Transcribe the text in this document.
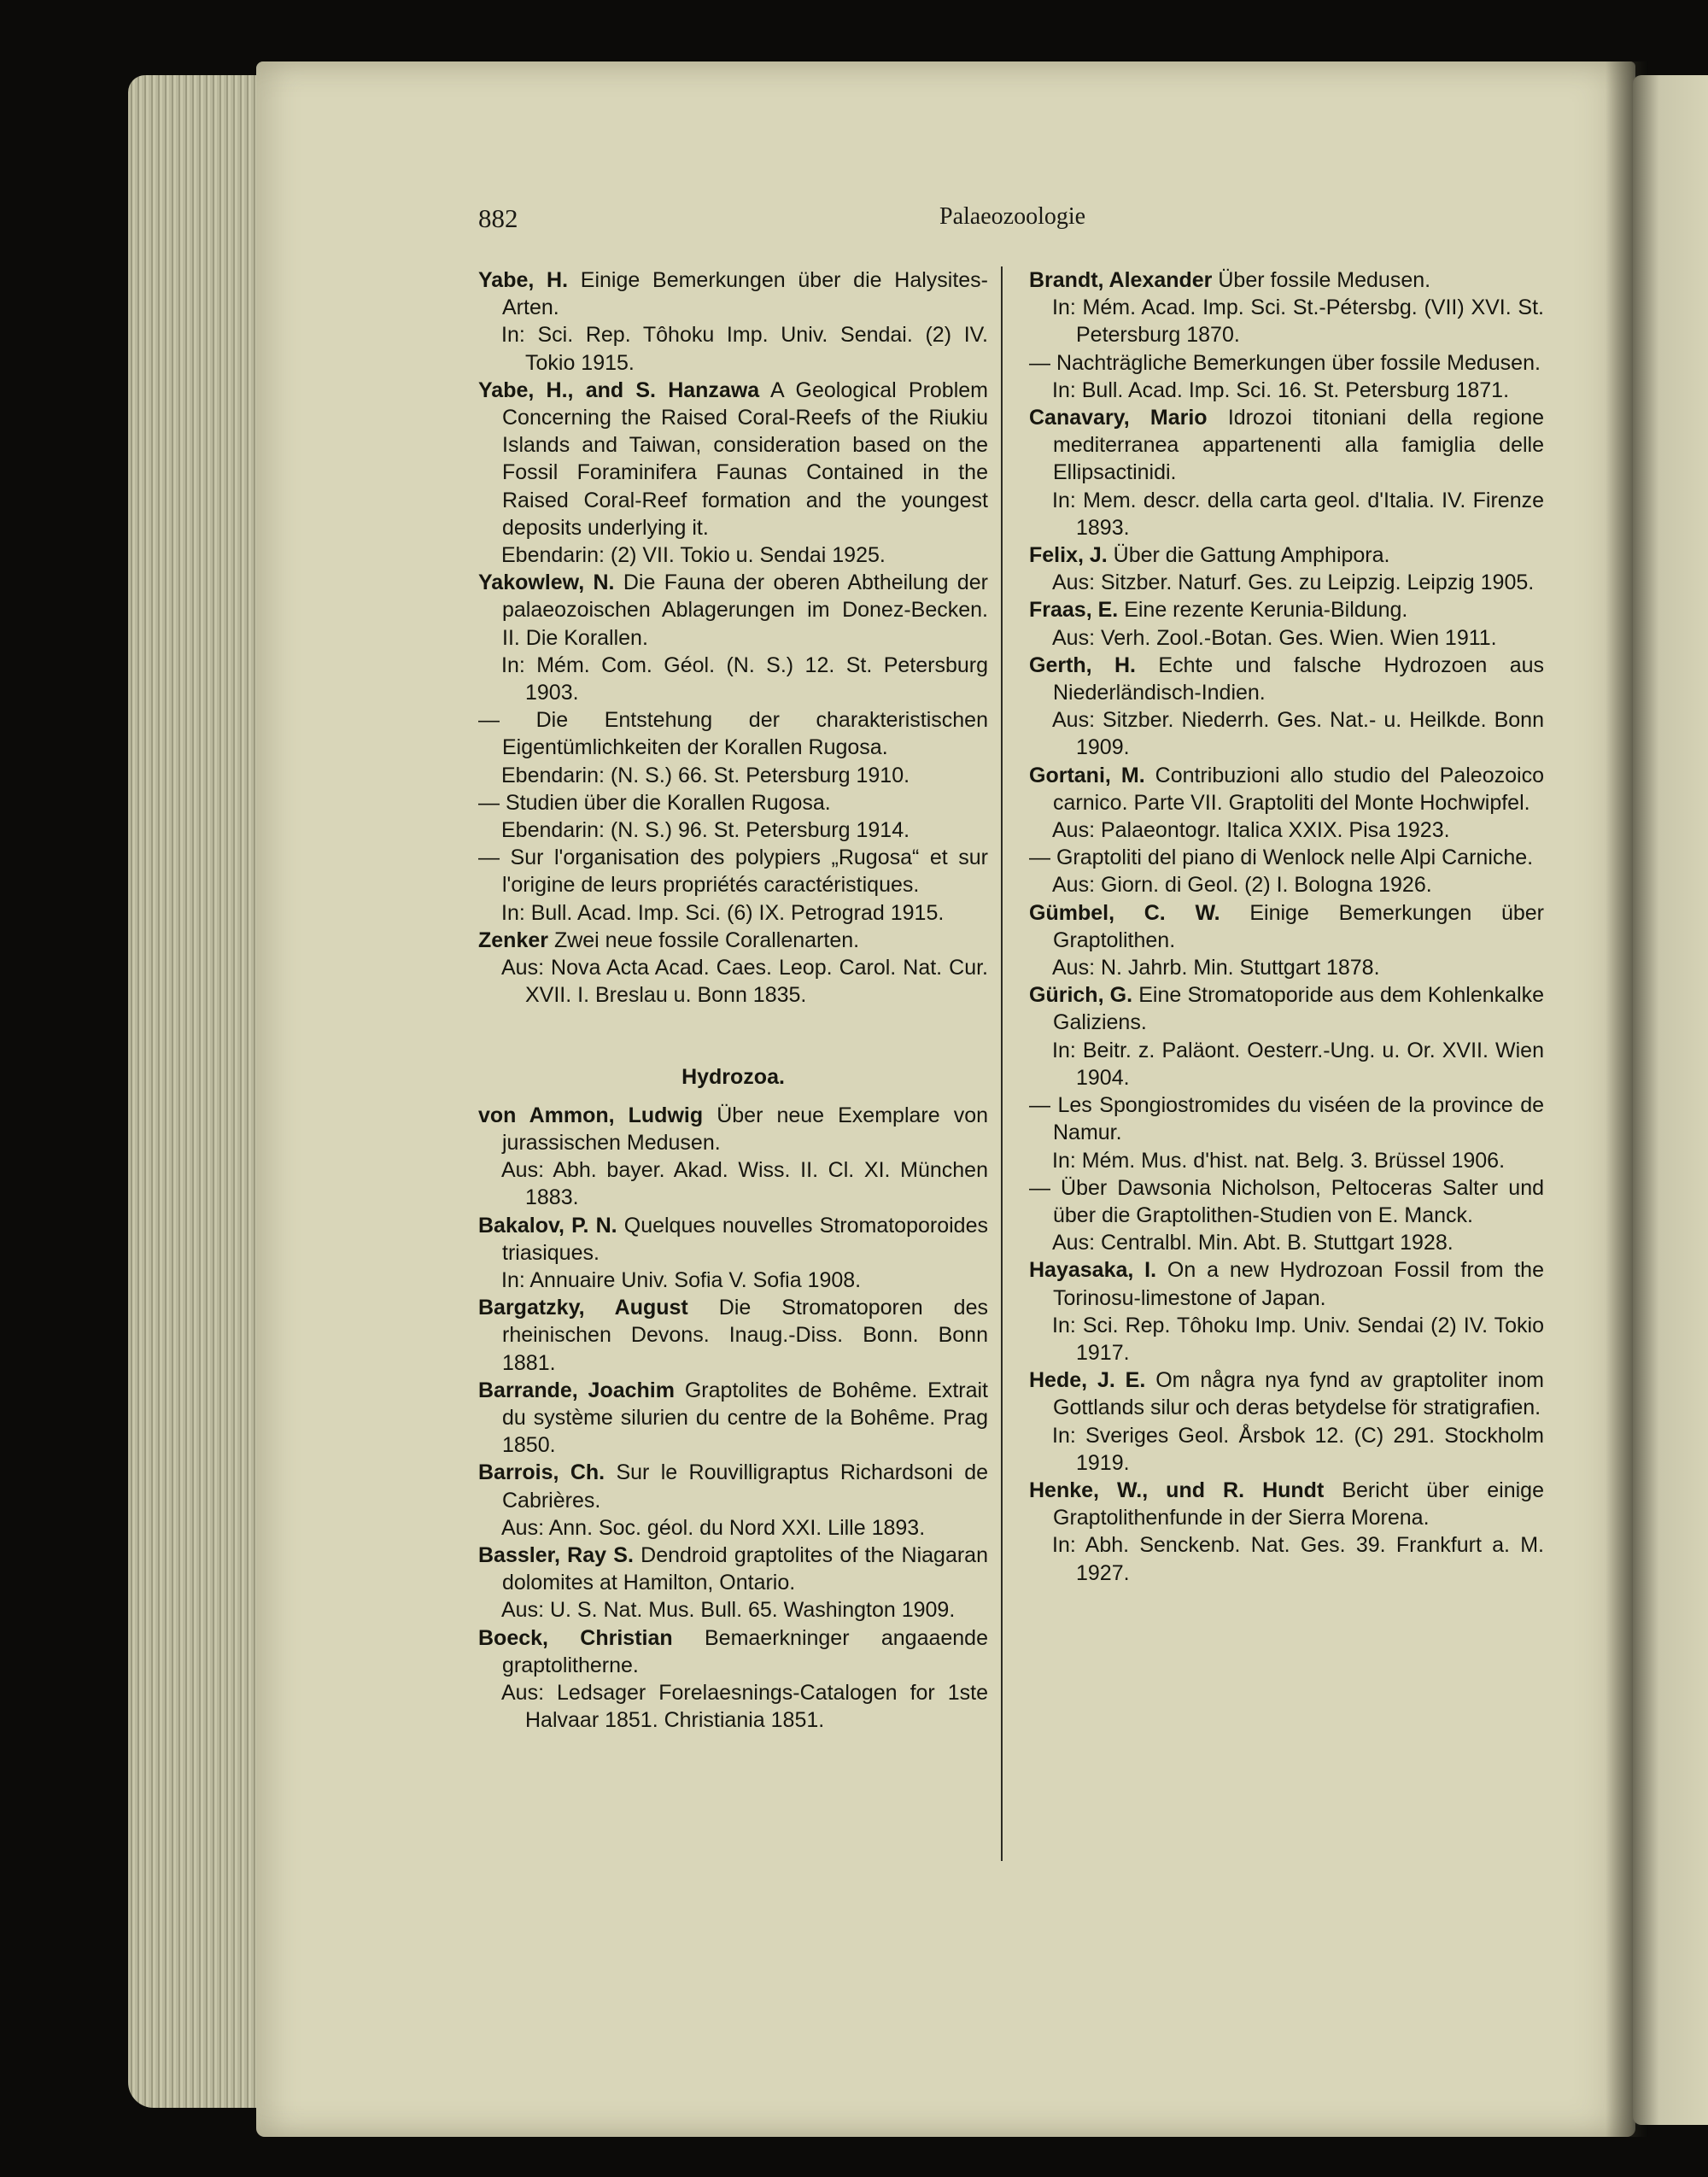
882	Palaeozoologie
Yabe, H. Einige Bemerkungen über die Halysites-Arten.
In: Sci. Rep. Tôhoku Imp. Univ. Sendai. (2) IV. Tokio 1915.
Yabe, H., and S. Hanzawa A Geological Problem Concerning the Raised Coral-Reefs of the Riukiu Islands and Taiwan, consideration based on the Fossil Foraminifera Faunas Contained in the Raised Coral-Reef formation and the youngest deposits underlying it.
Ebendarin: (2) VII. Tokio u. Sendai 1925.
Yakowlew, N. Die Fauna der oberen Abtheilung der palaeozoischen Ablagerungen im Donez-Becken. II. Die Korallen.
In: Mém. Com. Géol. (N. S.) 12. St. Petersburg 1903.
— Die Entstehung der charakteristischen Eigentümlichkeiten der Korallen Rugosa.
Ebendarin: (N. S.) 66. St. Petersburg 1910.
— Studien über die Korallen Rugosa.
Ebendarin: (N. S.) 96. St. Petersburg 1914.
— Sur l'organisation des polypiers „Rugosa“ et sur l'origine de leurs propriétés caractéristiques.
In: Bull. Acad. Imp. Sci. (6) IX. Petrograd 1915.
Zenker Zwei neue fossile Corallenarten.
Aus: Nova Acta Acad. Caes. Leop. Carol. Nat. Cur. XVII. I. Breslau u. Bonn 1835.
Hydrozoa.
von Ammon, Ludwig Über neue Exemplare von jurassischen Medusen.
Aus: Abh. bayer. Akad. Wiss. II. Cl. XI. München 1883.
Bakalov, P. N. Quelques nouvelles Stromatoporoides triasiques.
In: Annuaire Univ. Sofia V. Sofia 1908.
Bargatzky, August Die Stromatoporen des rheinischen Devons. Inaug.-Diss. Bonn. Bonn 1881.
Barrande, Joachim Graptolites de Bohême. Extrait du système silurien du centre de la Bohême. Prag 1850.
Barrois, Ch. Sur le Rouvilligraptus Richardsoni de Cabrières.
Aus: Ann. Soc. géol. du Nord XXI. Lille 1893.
Bassler, Ray S. Dendroid graptolites of the Niagaran dolomites at Hamilton, Ontario.
Aus: U. S. Nat. Mus. Bull. 65. Washington 1909.
Boeck, Christian Bemaerkninger angaaende graptolitherne.
Aus: Ledsager Forelaesnings-Catalogen for 1ste Halvaar 1851. Christiania 1851.
Brandt, Alexander Über fossile Medusen.
In: Mém. Acad. Imp. Sci. St.-Pétersbg. (VII) XVI. St. Petersburg 1870.
— Nachträgliche Bemerkungen über fossile Medusen.
In: Bull. Acad. Imp. Sci. 16. St. Petersburg 1871.
Canavary, Mario Idrozoi titoniani della regione mediterranea appartenenti alla famiglia delle Ellipsactinidi.
In: Mem. descr. della carta geol. d'Italia. IV. Firenze 1893.
Felix, J. Über die Gattung Amphipora.
Aus: Sitzber. Naturf. Ges. zu Leipzig. Leipzig 1905.
Fraas, E. Eine rezente Kerunia-Bildung.
Aus: Verh. Zool.-Botan. Ges. Wien. Wien 1911.
Gerth, H. Echte und falsche Hydrozoen aus Niederländisch-Indien.
Aus: Sitzber. Niederrh. Ges. Nat.- u. Heilkde. Bonn 1909.
Gortani, M. Contribuzioni allo studio del Paleozoico carnico. Parte VII. Graptoliti del Monte Hochwipfel.
Aus: Palaeontogr. Italica XXIX. Pisa 1923.
— Graptoliti del piano di Wenlock nelle Alpi Carniche.
Aus: Giorn. di Geol. (2) I. Bologna 1926.
Gümbel, C. W. Einige Bemerkungen über Graptolithen.
Aus: N. Jahrb. Min. Stuttgart 1878.
Gürich, G. Eine Stromatoporide aus dem Kohlenkalke Galiziens.
In: Beitr. z. Paläont. Oesterr.-Ung. u. Or. XVII. Wien 1904.
— Les Spongiostromides du viséen de la province de Namur.
In: Mém. Mus. d'hist. nat. Belg. 3. Brüssel 1906.
— Über Dawsonia Nicholson, Peltoceras Salter und über die Graptolithen-Studien von E. Manck.
Aus: Centralbl. Min. Abt. B. Stuttgart 1928.
Hayasaka, I. On a new Hydrozoan Fossil from the Torinosu-limestone of Japan.
In: Sci. Rep. Tôhoku Imp. Univ. Sendai (2) IV. Tokio 1917.
Hede, J. E. Om några nya fynd av graptoliter inom Gottlands silur och deras betydelse för stratigrafien.
In: Sveriges Geol. Årsbok 12. (C) 291. Stockholm 1919.
Henke, W., und R. Hundt Bericht über einige Graptolithenfunde in der Sierra Morena.
In: Abh. Senckenb. Nat. Ges. 39. Frankfurt a. M. 1927.
